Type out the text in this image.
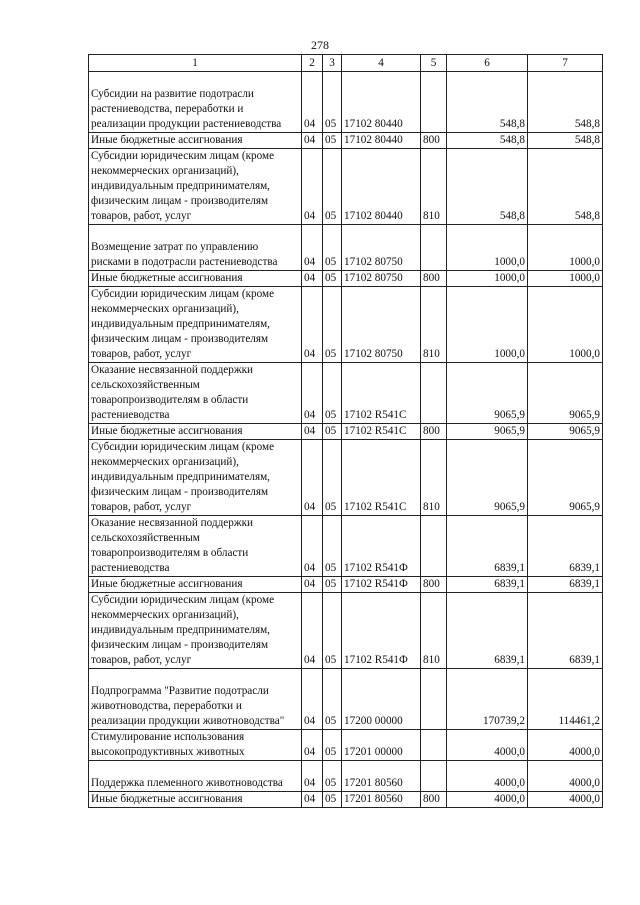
278
1	2	3	4	5	6	7
Субсидии на развитие подотрасли растениеводства, переработки и реализации продукции растениеводства	04	05	17102 80440		548,8	548,8
Иные бюджетные ассигнования	04	05	17102 80440	800	548,8	548,8
Субсидии юридическим лицам (кроме некоммерческих организаций), индивидуальным предпринимателям, физическим лицам - производителям товаров, работ, услуг	04	05	17102 80440	810	548,8	548,8
Возмещение затрат по управлению рисками в подотрасли растениеводства	04	05	17102 80750		1000,0	1000,0
Иные бюджетные ассигнования	04	05	17102 80750	800	1000,0	1000,0
Субсидии юридическим лицам (кроме некоммерческих организаций), индивидуальным предпринимателям, физическим лицам - производителям товаров, работ, услуг	04	05	17102 80750	810	1000,0	1000,0
Оказание несвязанной поддержки сельскохозяйственным товаропроизводителям в области растениеводства	04	05	17102 R541C		9065,9	9065,9
Иные бюджетные ассигнования	04	05	17102 R541C	800	9065,9	9065,9
Субсидии юридическим лицам (кроме некоммерческих организаций), индивидуальным предпринимателям, физическим лицам - производителям товаров, работ, услуг	04	05	17102 R541C	810	9065,9	9065,9
Оказание несвязанной поддержки сельскохозяйственным товаропроизводителям в области растениеводства	04	05	17102 R541Ф		6839,1	6839,1
Иные бюджетные ассигнования	04	05	17102 R541Ф	800	6839,1	6839,1
Субсидии юридическим лицам (кроме некоммерческих организаций), индивидуальным предпринимателям, физическим лицам - производителям товаров, работ, услуг	04	05	17102 R541Ф	810	6839,1	6839,1
Подпрограмма "Развитие подотрасли животноводства, переработки и реализации продукции животноводства"	04	05	17200 00000		170739,2	114461,2
Стимулирование использования высокопродуктивных животных	04	05	17201 00000		4000,0	4000,0
Поддержка племенного животноводства	04	05	17201 80560		4000,0	4000,0
Иные бюджетные ассигнования	04	05	17201 80560	800	4000,0	4000,0
